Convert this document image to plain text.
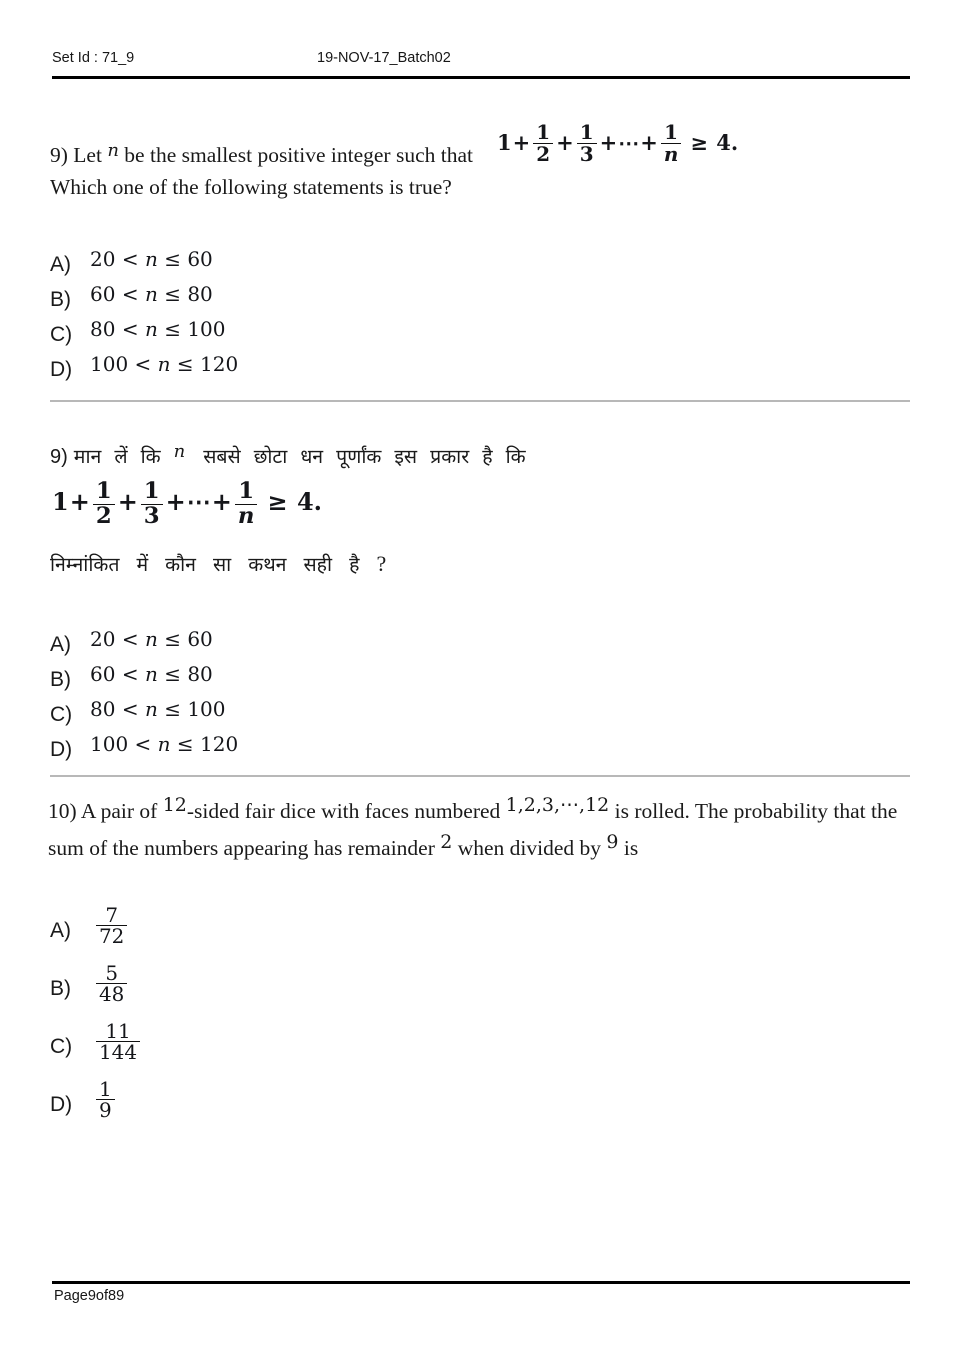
Set Id : 71_9	19-NOV-17_Batch02
9) Let n be the smallest positive integer such that
Which one of the following statements is true?
$1+ \frac{1}{2} + \frac{1}{3}$ +⋯+ $\frac{1}{n} \ge 4$.
A) 20 < n ≤ 60
B) 60 < n ≤ 80
C) 80 < n ≤ 100
D) 100 < n ≤ 120
9) मान लें कि n सबसे छोटा धन पूर्णांक इस प्रकार है कि
$1+ \frac{1}{2} + \frac{1}{3}$ +⋯+ $\frac{1}{n} \ge 4$.
निम्नांकित में कौन सा कथन सही है ?
A) 20 < n ≤ 60
B) 60 < n ≤ 80
C) 80 < n ≤ 100
D) 100 < n ≤ 120
10) A pair of 12-sided fair dice with faces numbered 1,2,3,⋯,12 is rolled. The probability that the sum of the numbers appearing has remainder 2 when divided by 9 is
$A) \frac{7}{72}$
$B) \frac{5}{48}$
$C) \frac{11}{144}$
$D) \frac{1}{9}$
Page9of89
